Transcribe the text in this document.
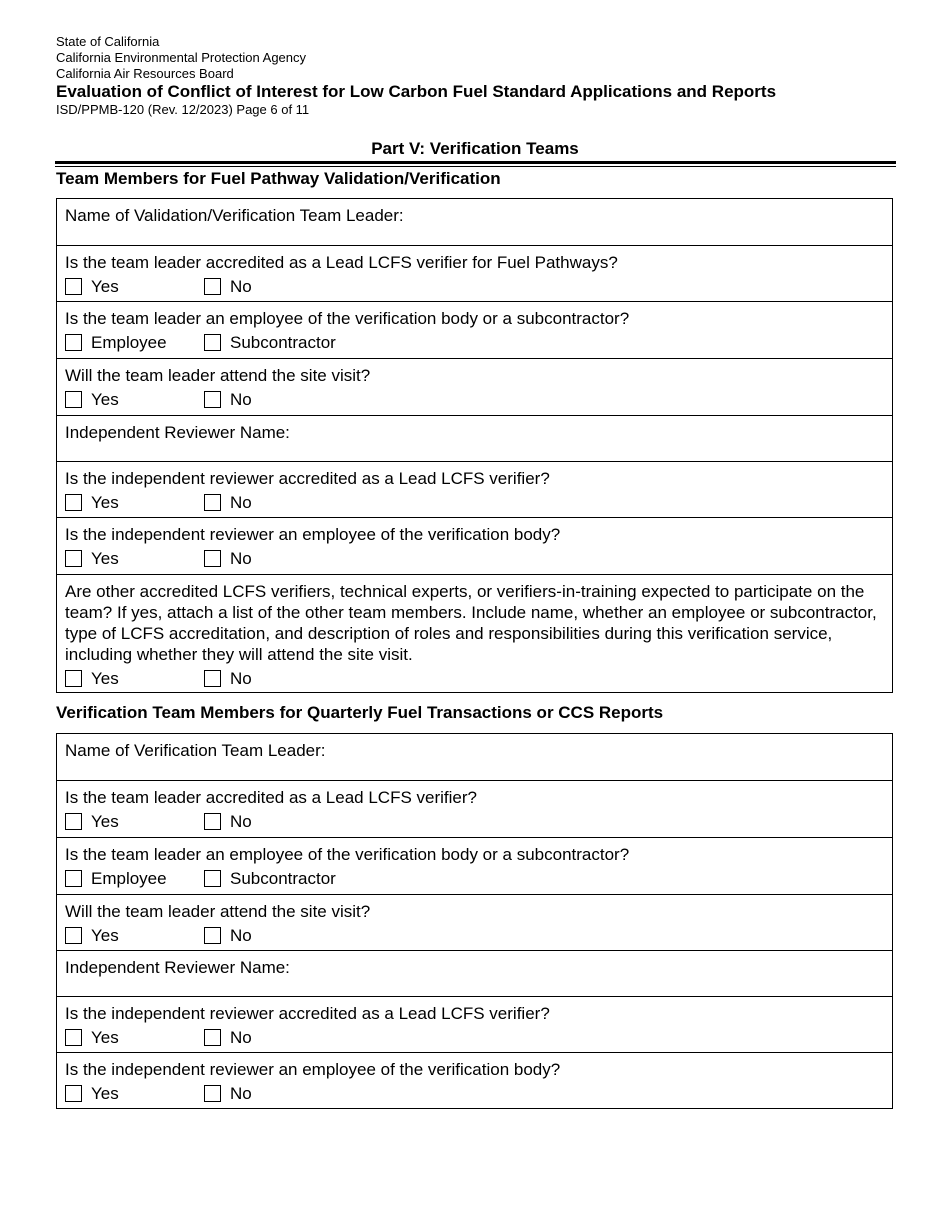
State of California
California Environmental Protection Agency
California Air Resources Board
Evaluation of Conflict of Interest for Low Carbon Fuel Standard Applications and Reports
ISD/PPMB-120 (Rev. 12/2023) Page 6 of 11
Part V: Verification Teams
Team Members for Fuel Pathway Validation/Verification
Name of Validation/Verification Team Leader:
Is the team leader accredited as a Lead LCFS verifier for Fuel Pathways?
Yes	No
Is the team leader an employee of the verification body or a subcontractor?
Employee	Subcontractor
Will the team leader attend the site visit?
Yes	No
Independent Reviewer Name:
Is the independent reviewer accredited as a Lead LCFS verifier?
Yes	No
Is the independent reviewer an employee of the verification body?
Yes	No
Are other accredited LCFS verifiers, technical experts, or verifiers-in-training expected to participate on the team? If yes, attach a list of the other team members. Include name, whether an employee or subcontractor, type of LCFS accreditation, and description of roles and responsibilities during this verification service, including whether they will attend the site visit.
Yes	No
Verification Team Members for Quarterly Fuel Transactions or CCS Reports
Name of Verification Team Leader:
Is the team leader accredited as a Lead LCFS verifier?
Yes	No
Is the team leader an employee of the verification body or a subcontractor?
Employee	Subcontractor
Will the team leader attend the site visit?
Yes	No
Independent Reviewer Name:
Is the independent reviewer accredited as a Lead LCFS verifier?
Yes	No
Is the independent reviewer an employee of the verification body?
Yes	No
